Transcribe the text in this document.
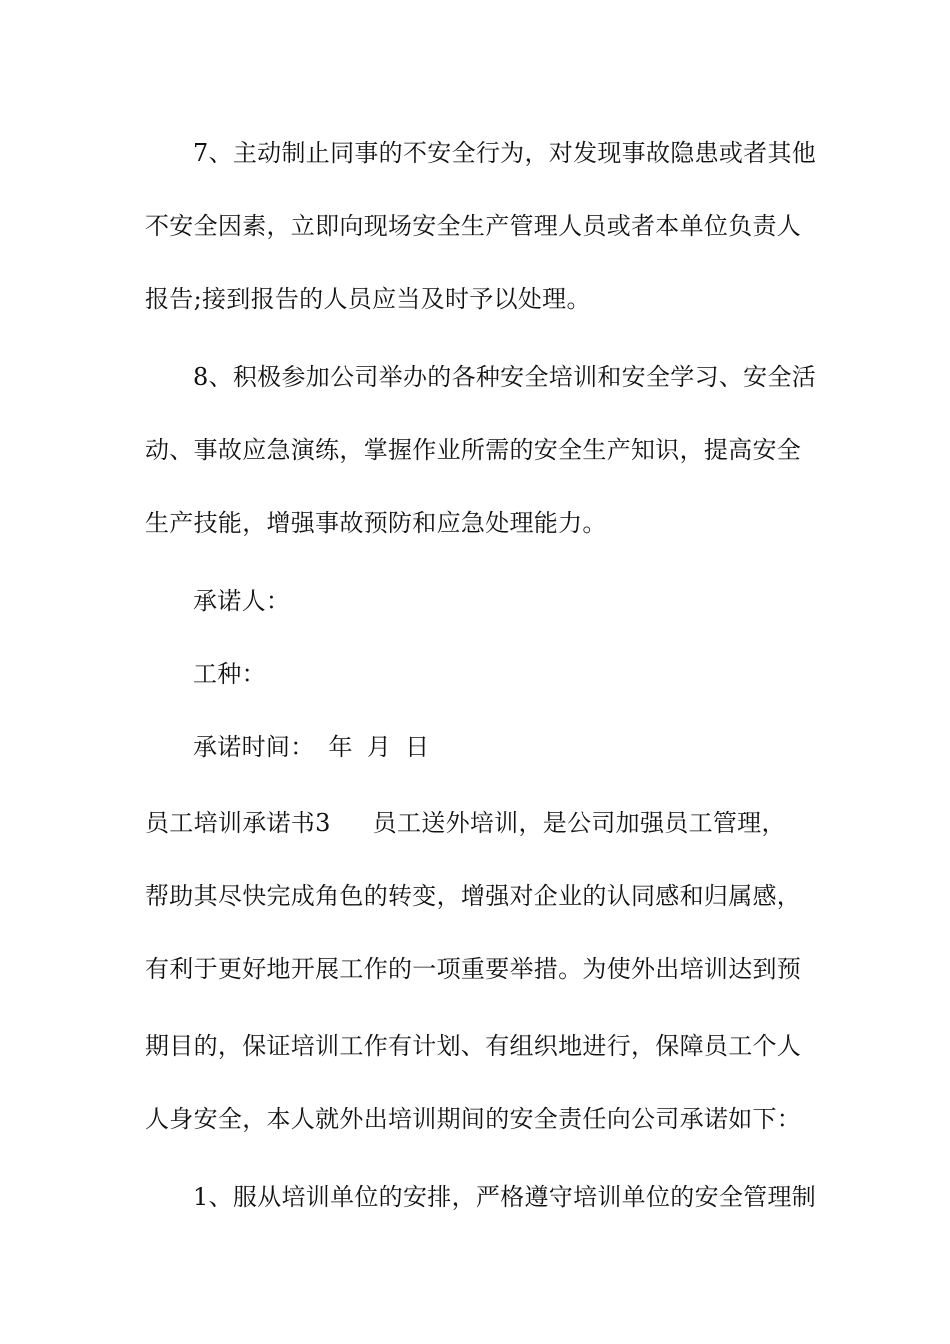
7、主动制止同事的不安全行为，对发现事故隐患或者其他
不安全因素，立即向现场安全生产管理人员或者本单位负责人
报告;接到报告的人员应当及时予以处理。
8、积极参加公司举办的各种安全培训和安全学习、安全活
动、事故应急演练，掌握作业所需的安全生产知识，提高安全
生产技能，增强事故预防和应急处理能力。
承诺人：
工种：
承诺时间： 年 月 日
员工培训承诺书3 员工送外培训，是公司加强员工管理，
帮助其尽快完成角色的转变，增强对企业的认同感和归属感，
有利于更好地开展工作的一项重要举措。为使外出培训达到预
期目的，保证培训工作有计划、有组织地进行，保障员工个人
人身安全，本人就外出培训期间的安全责任向公司承诺如下：
1、服从培训单位的安排，严格遵守培训单位的安全管理制
